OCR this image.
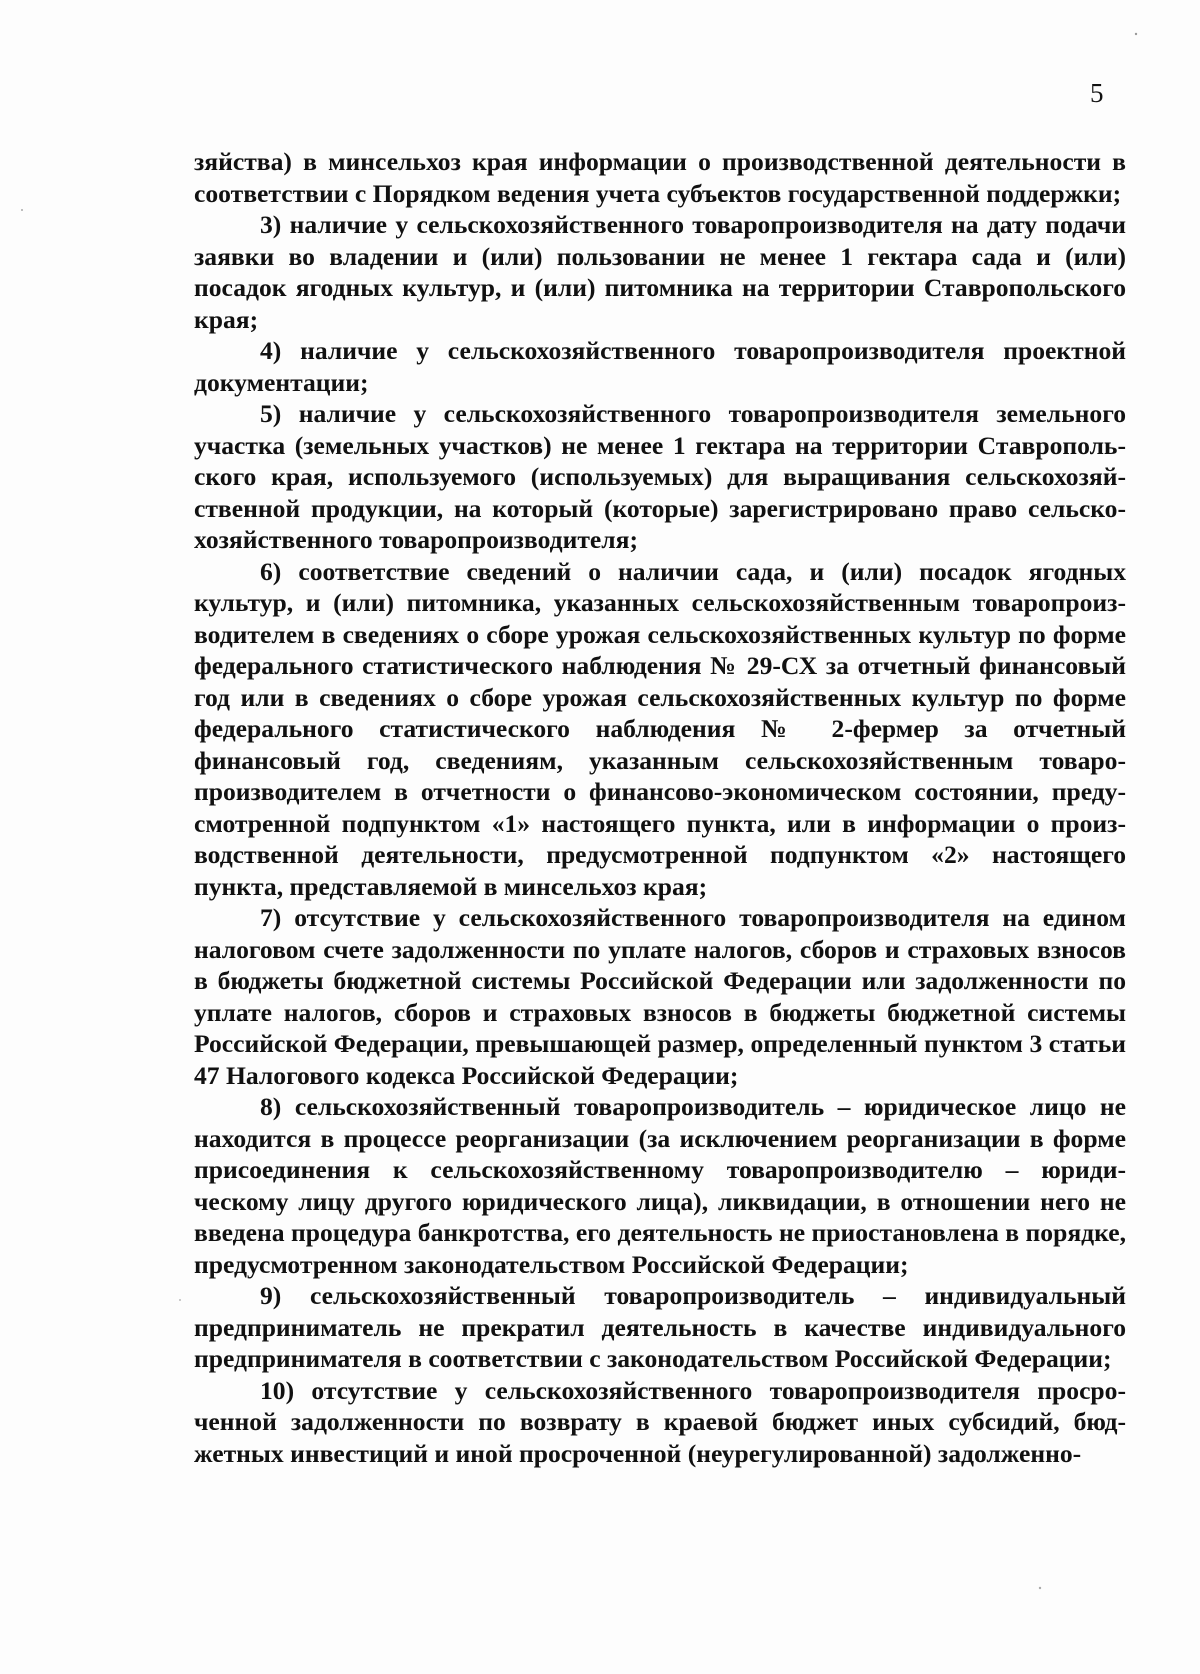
5

зяйства) в минсельхоз края информации о производственной деятельности в соответствии с Порядком ведения учета субъектов государственной поддержки;

3) наличие у сельскохозяйственного товаропроизводителя на дату подачи заявки во владении и (или) пользовании не менее 1 гектара сада и (или) посадок ягодных культур, и (или) питомника на территории Ставропольского края;

4) наличие у сельскохозяйственного товаропроизводителя проектной документации;

5) наличие у сельскохозяйственного товаропроизводителя земельного участка (земельных участков) не менее 1 гектара на территории Ставропольского края, используемого (используемых) для выращивания сельскохозяйственной продукции, на который (которые) зарегистрировано право сельскохозяйственного товаропроизводителя;

6) соответствие сведений о наличии сада, и (или) посадок ягодных культур, и (или) питомника, указанных сельскохозяйственным товаропроизводителем в сведениях о сборе урожая сельскохозяйственных культур по форме федерального статистического наблюдения № 29-СХ за отчетный финансовый год или в сведениях о сборе урожая сельскохозяйственных культур по форме федерального статистического наблюдения № 2-фермер за отчетный финансовый год, сведениям, указанным сельскохозяйственным товаропроизводителем в отчетности о финансово-экономическом состоянии, предусмотренной подпунктом «1» настоящего пункта, или в информации о производственной деятельности, предусмотренной подпунктом «2» настоящего пункта, представляемой в минсельхоз края;

7) отсутствие у сельскохозяйственного товаропроизводителя на едином налоговом счете задолженности по уплате налогов, сборов и страховых взносов в бюджеты бюджетной системы Российской Федерации или задолженности по уплате налогов, сборов и страховых взносов в бюджеты бюджетной системы Российской Федерации, превышающей размер, определенный пунктом 3 статьи 47 Налогового кодекса Российской Федерации;

8) сельскохозяйственный товаропроизводитель – юридическое лицо не находится в процессе реорганизации (за исключением реорганизации в форме присоединения к сельскохозяйственному товаропроизводителю – юридическому лицу другого юридического лица), ликвидации, в отношении него не введена процедура банкротства, его деятельность не приостановлена в порядке, предусмотренном законодательством Российской Федерации;

9) сельскохозяйственный товаропроизводитель – индивидуальный предприниматель не прекратил деятельность в качестве индивидуального предпринимателя в соответствии с законодательством Российской Федерации;

10) отсутствие у сельскохозяйственного товаропроизводителя просроченной задолженности по возврату в краевой бюджет иных субсидий, бюджетных инвестиций и иной просроченной (неурегулированной) задолженно-
